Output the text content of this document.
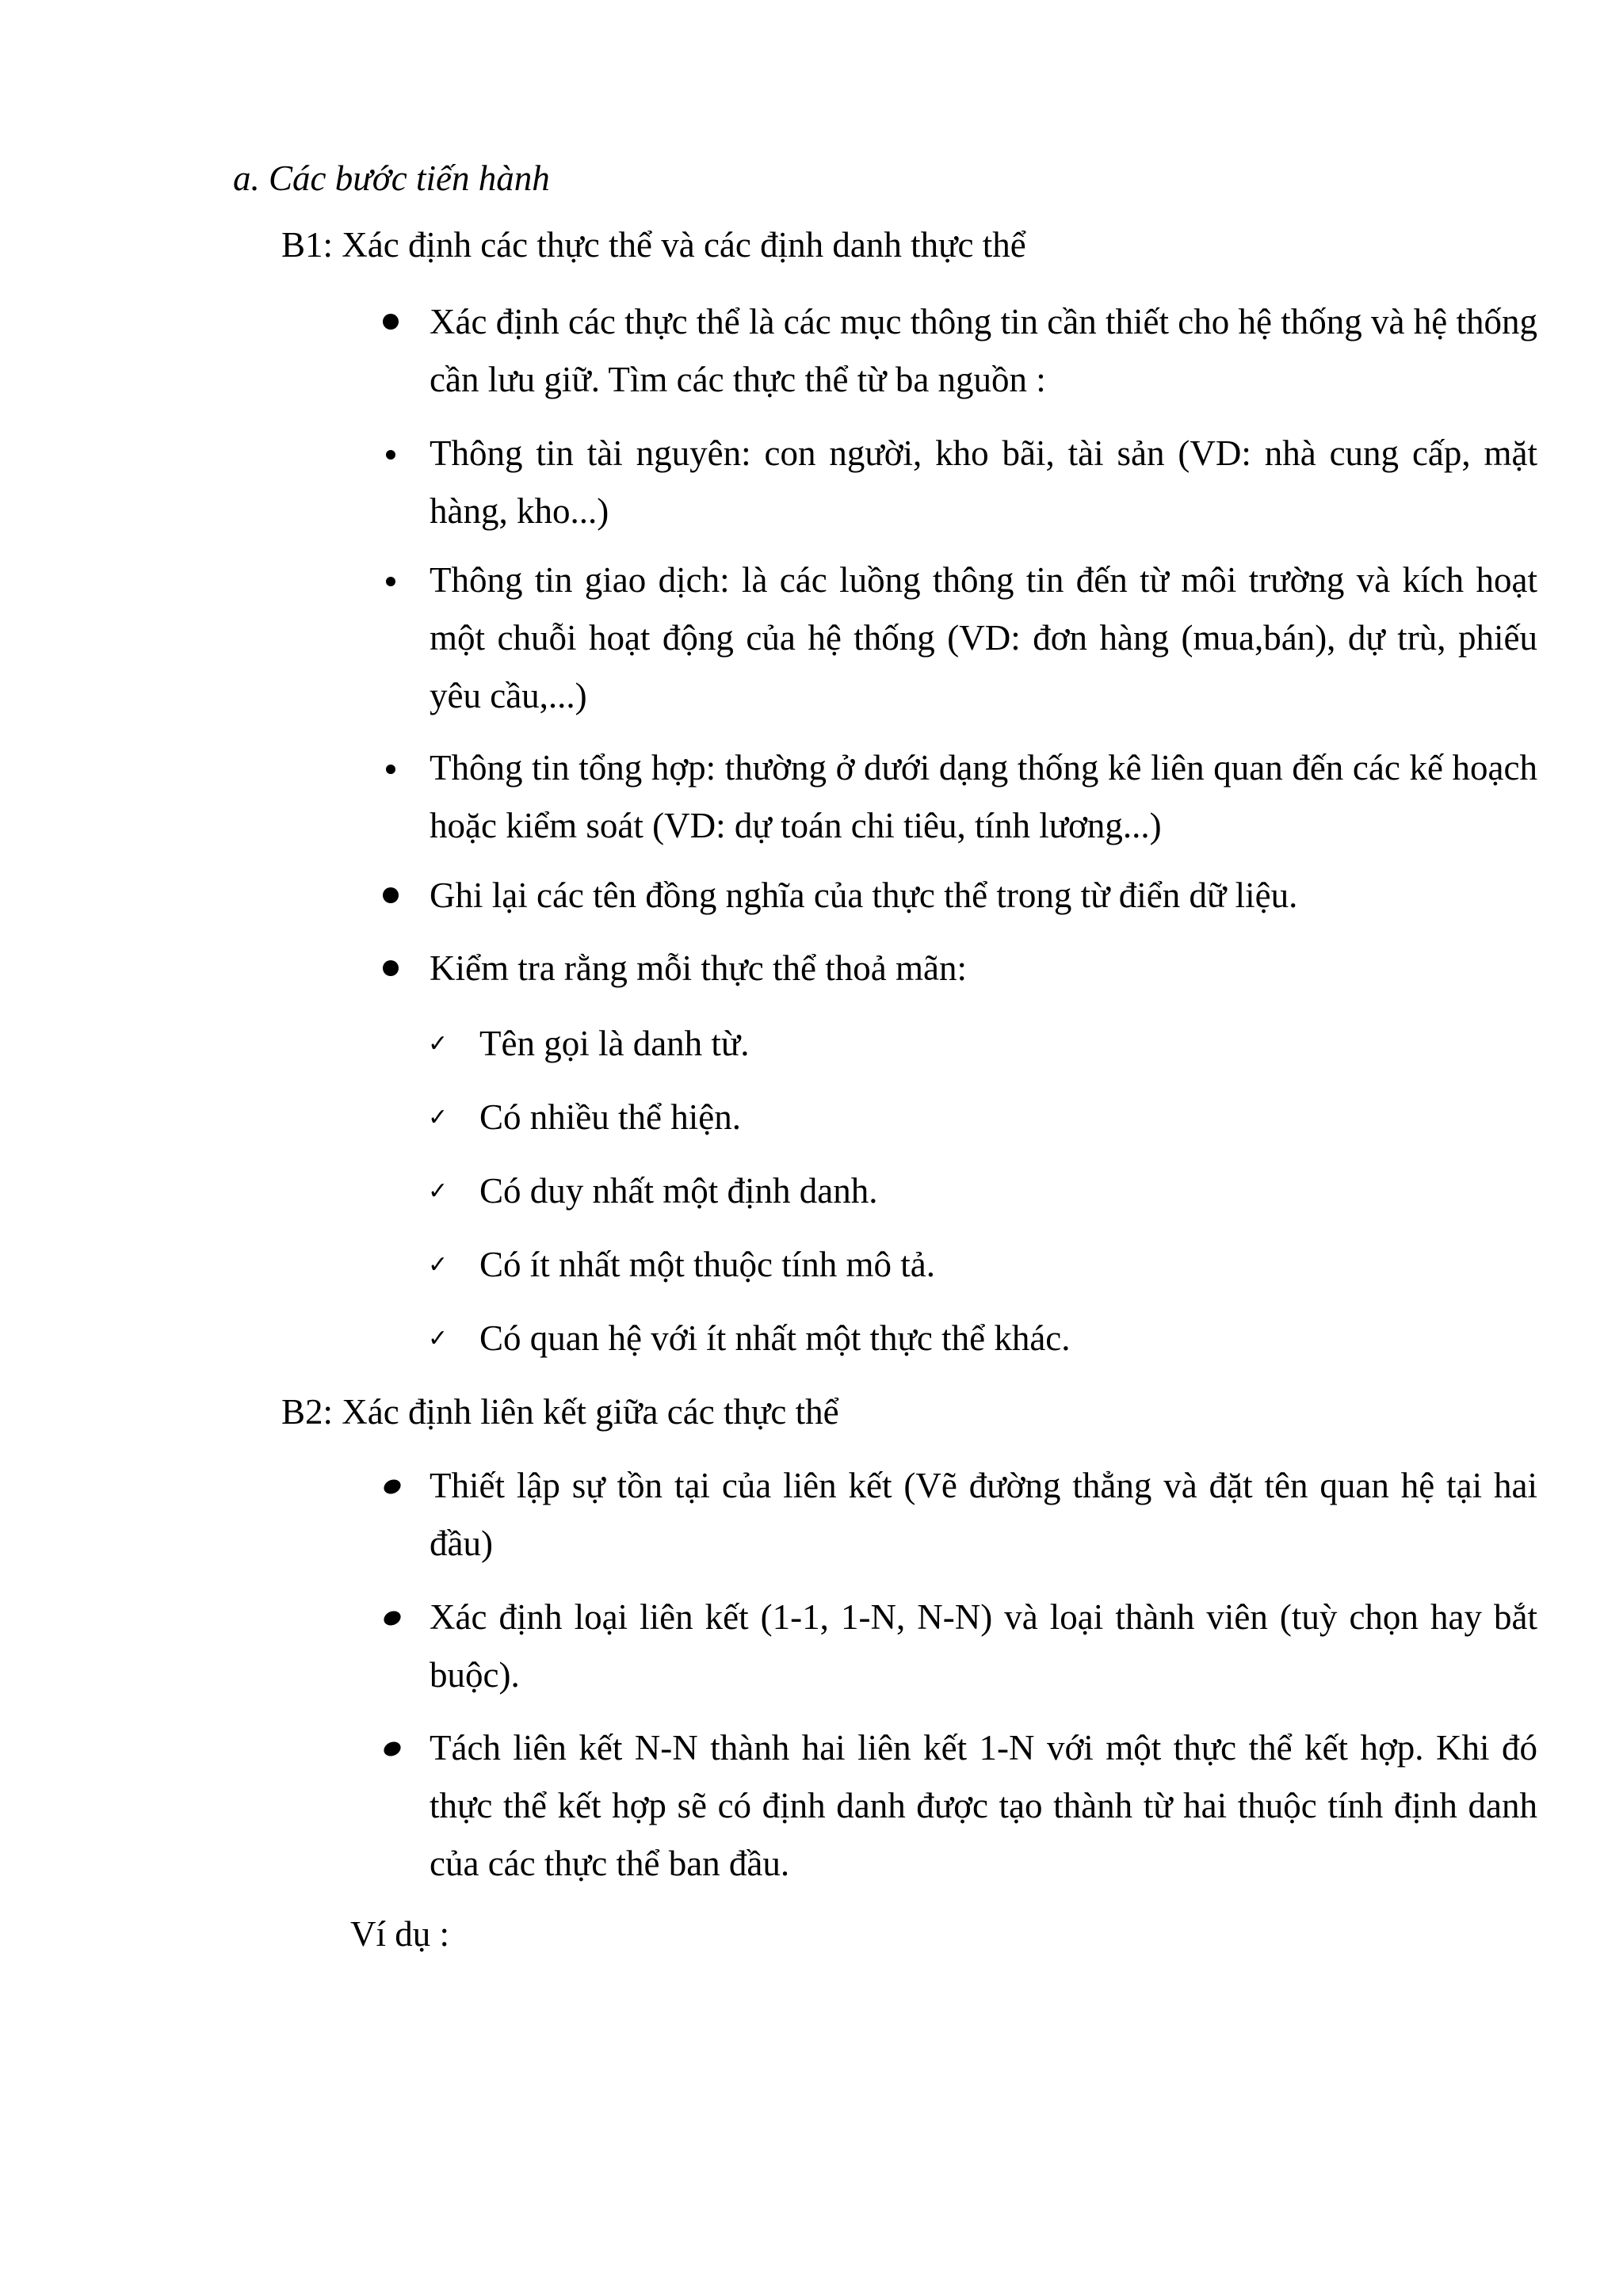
a. Các bước tiến hành
B1: Xác định các thực thể và các định danh thực thể
Xác định các thực thể là các mục thông tin cần thiết cho hệ thống và hệ thống cần lưu giữ. Tìm các thực thể từ ba nguồn :
Thông tin tài nguyên: con người, kho bãi, tài sản (VD: nhà cung cấp, mặt hàng, kho...)
Thông tin giao dịch: là các luồng thông tin đến từ môi trường và kích hoạt một chuỗi hoạt động của hệ thống (VD: đơn hàng (mua,bán), dự trù, phiếu yêu cầu,...)
Thông tin tổng hợp: thường ở dưới dạng thống kê liên quan đến các kế hoạch hoặc kiểm soát (VD: dự toán chi tiêu, tính lương...)
Ghi lại các tên đồng nghĩa của thực thể trong từ điển dữ liệu.
Kiểm tra rằng mỗi thực thể thoả mãn:
✓ Tên gọi là danh từ.
✓ Có nhiều thể hiện.
✓ Có duy nhất một định danh.
✓ Có ít nhất một thuộc tính mô tả.
✓ Có quan hệ với ít nhất một thực thể khác.
B2: Xác định liên kết giữa các thực thể
Thiết lập sự tồn tại của liên kết (Vẽ đường thẳng và đặt tên quan hệ tại hai đầu)
Xác định loại liên kết (1-1, 1-N, N-N) và loại thành viên (tuỳ chọn hay bắt buộc).
Tách liên kết N-N thành hai liên kết 1-N với một thực thể kết hợp. Khi đó thực thể kết hợp sẽ có định danh được tạo thành từ hai thuộc tính định danh của các thực thể ban đầu.
Ví dụ :
